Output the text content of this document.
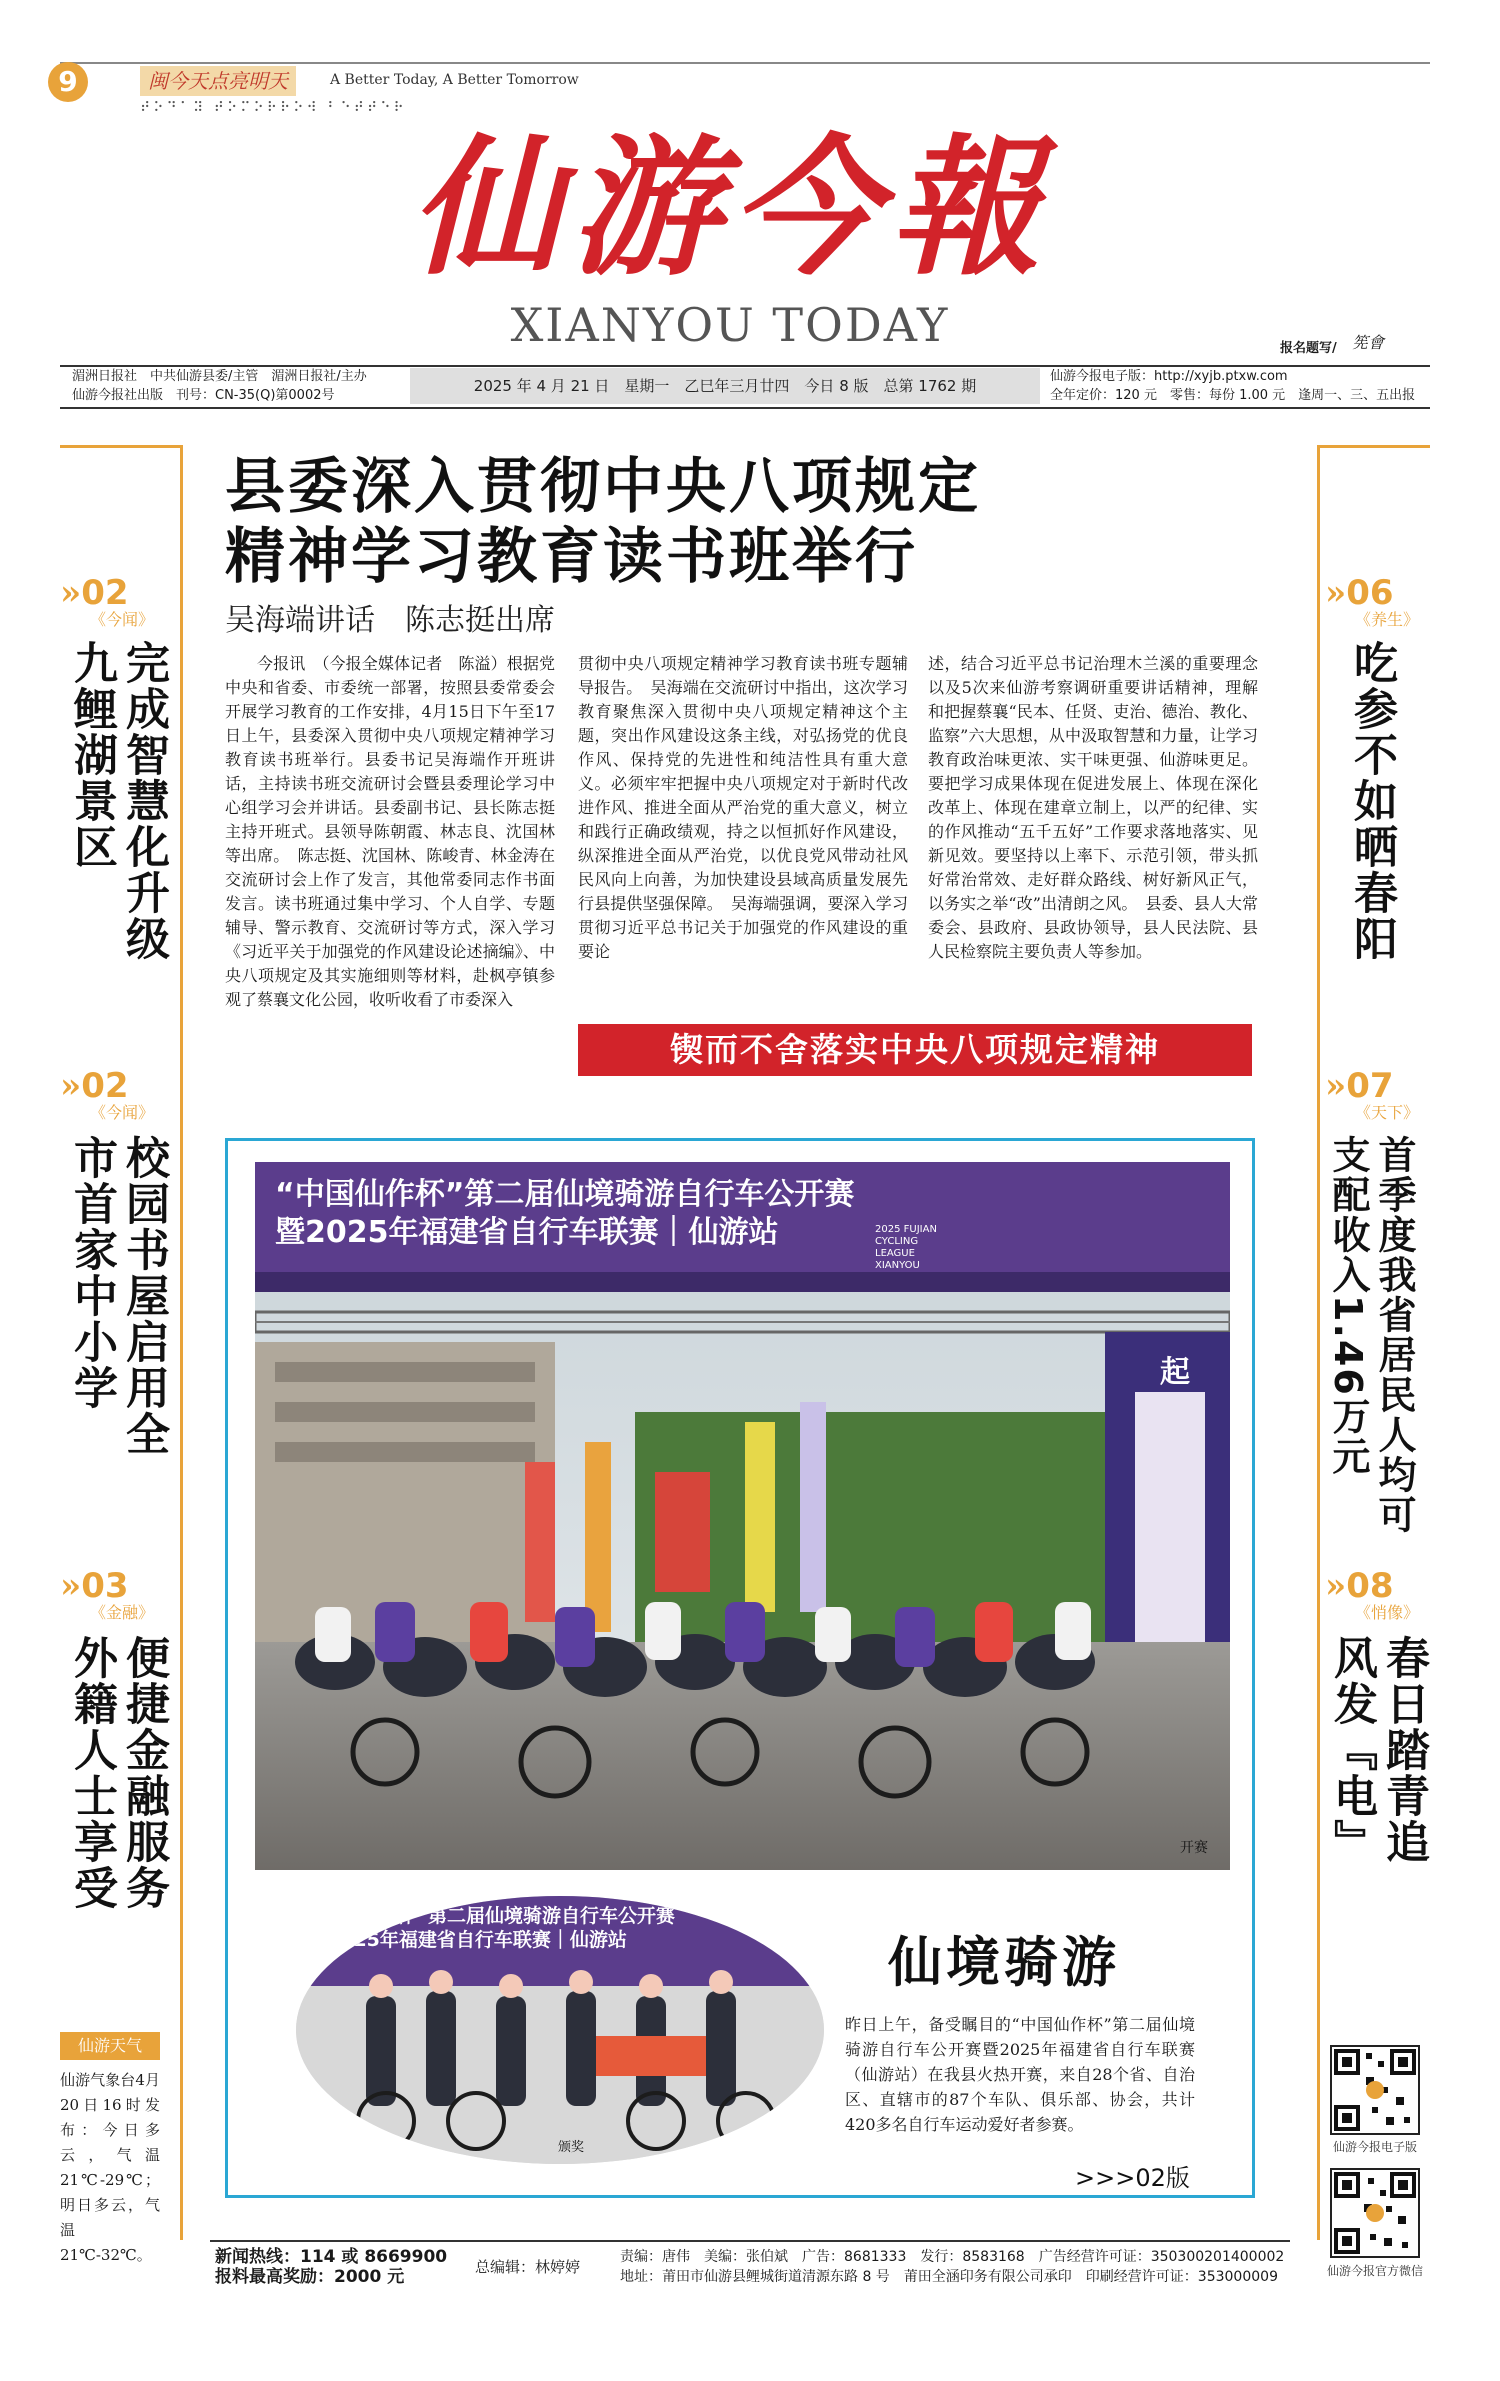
9	闽今天点亮明天	A Better Today, A Better Tomorrow
⠞⠕⠙⠁⠽ ⠞⠕⠍⠕⠗⠗⠕⠺ ⠃⠑⠞⠞⠑⠗
仙游今報
XIANYOU TODAY	报名题写/ 筅會
湄洲日报社　中共仙游县委/主管　湄洲日报社/主办
仙游今报社出版　刊号：CN-35(Q)第0002号
2025 年 4 月 21 日　星期一　乙巳年三月廿四　今日 8 版　总第 1762 期
仙游今报电子版：http://xyjb.ptxw.com
全年定价：120 元　零售：每份 1.00 元　逢周一、三、五出报
»02
《今闻》
完成智慧化升级九鲤湖景区
»02
《今闻》
校园书屋启用全市首家中小学
»03
《金融》
便捷金融服务外籍人士享受
»06
《养生》
吃参不如晒春阳
»07
《天下》
首季度我省居民人均可支配收入1.46万元
»08
《悄像》
春日踏青追风发『电』
县委深入贯彻中央八项规定
精神学习教育读书班举行
吴海端讲话　陈志挺出席

今报讯　（今报全媒体记者　陈溢）根据党中央和省委、市委统一部署，按照县委常委会开展学习教育的工作安排，4月15日下午至17日上午，县委深入贯彻中央八项规定精神学习教育读书班举行。县委书记吴海端作开班讲话，主持读书班交流研讨会暨县委理论学习中心组学习会并讲话。县委副书记、县长陈志挺主持开班式。县领导陈朝霞、林志良、沈国林等出席。　陈志挺、沈国林、陈峻青、林金涛在交流研讨会上作了发言，其他常委同志作书面发言。读书班通过集中学习、个人自学、专题辅导、警示教育、交流研讨等方式，深入学习《习近平关于加强党的作风建设论述摘编》、中央八项规定及其实施细则等材料，赴枫亭镇参观了蔡襄文化公园，收听收看了市委深入

贯彻中央八项规定精神学习教育读书班专题辅导报告。　吴海端在交流研讨中指出，这次学习教育聚焦深入贯彻中央八项规定精神这个主题，突出作风建设这条主线，对弘扬党的优良作风、保持党的先进性和纯洁性具有重大意义。必须牢牢把握中央八项规定对于新时代改进作风、推进全面从严治党的重大意义，树立和践行正确政绩观，持之以恒抓好作风建设，纵深推进全面从严治党，以优良党风带动社风民风向上向善，为加快建设县域高质量发展先行县提供坚强保障。　吴海端强调，要深入学习贯彻习近平总书记关于加强党的作风建设的重要论

述，结合习近平总书记治理木兰溪的重要理念以及5次来仙游考察调研重要讲话精神，理解和把握蔡襄“民本、任贤、吏治、德治、教化、监察”六大思想，从中汲取智慧和力量，让学习教育政治味更浓、实干味更强、仙游味更足。要把学习成果体现在促进发展上、体现在深化改革上、体现在建章立制上，以严的纪律、实的作风推动“五千五好”工作要求落地落实、见新见效。要坚持以上率下、示范引领，带头抓好常治常效、走好群众路线、树好新风正气，以务实之举“改”出清朗之风。　县委、县人大常委会、县政府、县政协领导，县人民法院、县人民检察院主要负责人等参加。

锲而不舍落实中央八项规定精神
“中国仙作杯”第二届仙境骑游自行车公开赛
暨2025年福建省自行车联赛｜仙游站	2025 FUJIAN CYCLING LEAGUE XIANYOU
起
开赛
“中国仙作杯”第二届仙境骑游自行车公开赛
暨2025年福建省自行车联赛｜仙游站
颁奖
仙境骑游
昨日上午，备受瞩目的“中国仙作杯”第二届仙境骑游自行车公开赛暨2025年福建省自行车联赛（仙游站）在我县火热开赛，来自28个省、自治区、直辖市的87个车队、俱乐部、协会，共计420多名自行车运动爱好者参赛。
>>>02版
仙游天气
仙游气象台4月20日16时发布：今日多云，气温21℃-29℃；明日多云，气温21℃-32℃。
仙游今报电子版
仙游今报官方微信
新闻热线：114 或 8669900
报料最高奖励：2000 元	总编辑：林婷婷
责编：唐伟　美编：张伯斌　广告：8681333　发行：8583168　广告经营许可证：350300201400002
地址：莆田市仙游县鲤城街道清源东路 8 号　莆田全涵印务有限公司承印　印刷经营许可证：353000009
